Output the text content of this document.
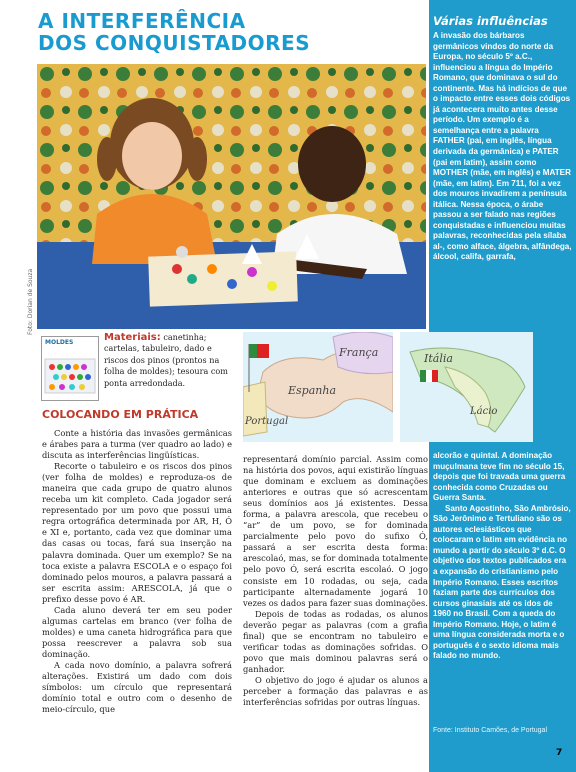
A INTERFERÊNCIA
DOS CONQUISTADORES
Foto: Dorian de Souza
Várias influências

A invasão dos bárbaros germânicos vindos do norte da Europa, no século 5º a.C., influenciou a língua do Império Romano, que dominava o sul do continente. Mas há indícios de que o impacto entre esses dois códigos já acontecera muito antes desse período. Um exemplo é a semelhança entre a palavra FATHER (pai, em inglês, língua derivada da germânica) e PATER (pai em latim), assim como MOTHER (mãe, em inglês) e MATER (mãe, em latim). Em 711, foi a vez dos mouros invadirem a península itálica. Nessa época, o árabe passou a ser falado nas regiões conquistadas e influenciou muitas palavras, reconhecidas pela sílaba al-, como alface, álgebra, alfândega, álcool, califa, garrafa,

alcorão e quintal. A dominação muçulmana teve fim no século 15, depois que foi travada uma guerra conhecida como Cruzadas ou Guerra Santa.

Santo Agostinho, São Ambrósio, São Jerônimo e Tertuliano são os autores eclesiásticos que colocaram o latim em evidência no mundo a partir do século 3º d.C. O objetivo dos textos publicados era a expansão do cristianismo pelo Império Romano. Esses escritos faziam parte dos currículos dos cursos ginasiais até os idos de 1960 no Brasil. Com a queda do Império Romano. Hoje, o latim é uma língua considerada morta e o português é o sexto idioma mais falado no mundo.

Fonte: Instituto Camões, de Portugal
MOLDES	Materiais: canetinha; cartelas, tabuleiro, dado e riscos dos pinos (prontos na folha de moldes); tesoura com ponta arredondada.
França
Espanha
Portugal
Itália
Lácio
COLOCANDO EM PRÁTICA

Conte a história das invasões germânicas e árabes para a turma (ver quadro ao lado) e discuta as interferências lingüísticas.

Recorte o tabuleiro e os riscos dos pinos (ver folha de moldes) e reproduza-os de maneira que cada grupo de quatro alunos receba um kit completo. Cada jogador será representado por um povo que possui uma regra ortográfica determinada por AR, H, Ó e XI e, portanto, cada vez que dominar uma das casas ou tocas, fará sua inserção na palavra dominada. Quer um exemplo? Se na toca existe a palavra ESCOLA e o espaço foi dominado pelos mouros, a palavra passará a ser escrita assim: ARESCOLA, já que o prefixo desse povo é AR.

Cada aluno deverá ter em seu poder algumas cartelas em branco (ver folha de moldes) e uma caneta hidrográfica para que possa reescrever a palavra sob sua dominação.

A cada novo domínio, a palavra sofrerá alterações. Existirá um dado com dois símbolos: um círculo que representará domínio total e outro com o desenho de meio-círculo, que

representará domínio parcial. Assim como na história dos povos, aqui existirão línguas que dominam e excluem as dominações anteriores e outras que só acrescentam seus domínios aos já existentes. Dessa forma, a palavra arescola, que recebeu o “ar” de um povo, se for dominada parcialmente pelo povo do sufixo Ó, passará a ser escrita desta forma: arescolaó, mas, se for dominada totalmente pelo povo Ó, será escrita escolaó. O jogo consiste em 10 rodadas, ou seja, cada participante alternadamente jogará 10 vezes os dados para fazer suas dominações.

Depois de todas as rodadas, os alunos deverão pegar as palavras (com a grafia final) que se encontram no tabuleiro e verificar todas as dominações sofridas. O povo que mais dominou palavras será o ganhador.

O objetivo do jogo é ajudar os alunos a perceber a formação das palavras e as interferências sofridas por outras línguas.

7
